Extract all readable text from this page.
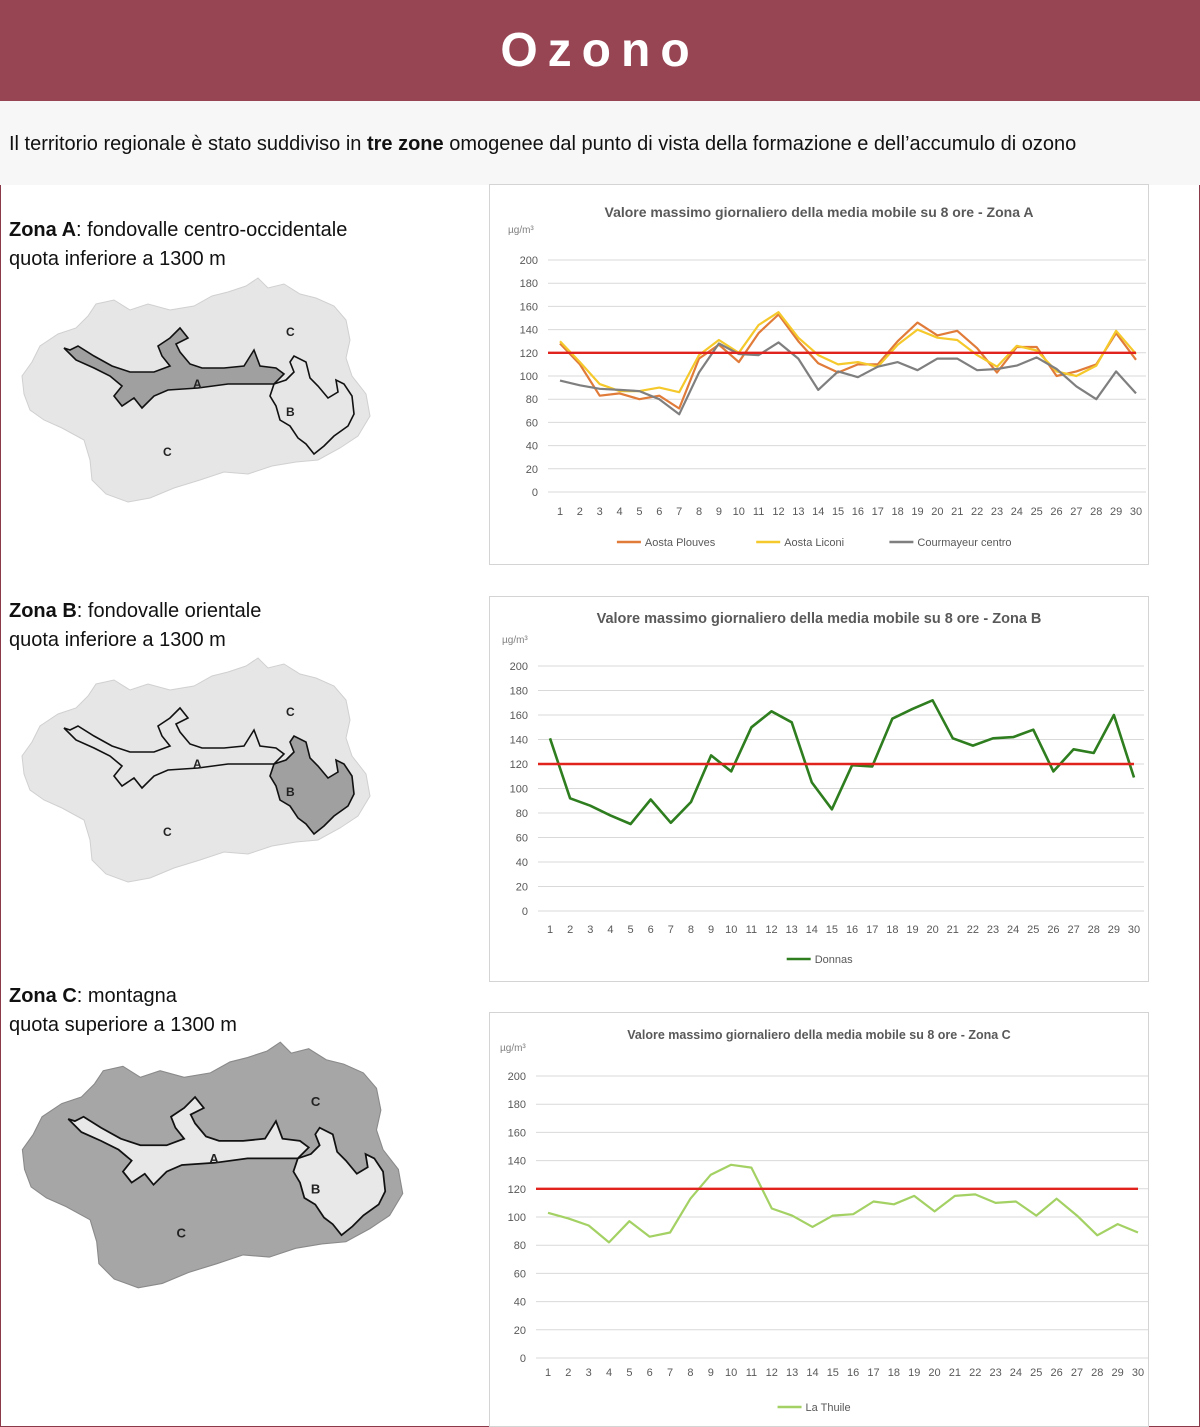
Ozono

Il territorio regionale è stato suddiviso in tre zone omogenee dal punto di vista della formazione e dell’accumulo di ozono

Zona A: fondovalle centro-occidentale
quota inferiore a 1300 m
Zona B: fondovalle orientale
quota inferiore a 1300 m
Zona C: montagna
quota superiore a 1300 m
A
B
C
C
A
B
C
C
A
B
C
C
Valore massimo giornaliero della media mobile su 8 ore - Zona A
µg/m³
0
20
40
60
80
100
120
140
160
180
200
1 2 3 4 5 6 7 8 9 10 11 12 13 14 15 16 17 18 19 20 21 22 23 24 25 26 27 28 29 30
Aosta Plouves	Aosta Liconi	Courmayeur centro
Valore massimo giornaliero della media mobile su 8 ore - Zona B
µg/m³
0
20
40
60
80
100
120
140
160
180
200
1 2 3 4 5 6 7 8 9 10 11 12 13 14 15 16 17 18 19 20 21 22 23 24 25 26 27 28 29 30
Donnas
Valore massimo giornaliero della media mobile su 8 ore - Zona C
µg/m³
0
20
40
60
80
100
120
140
160
180
200
1 2 3 4 5 6 7 8 9 10 11 12 13 14 15 16 17 18 19 20 21 22 23 24 25 26 27 28 29 30
La Thuile
